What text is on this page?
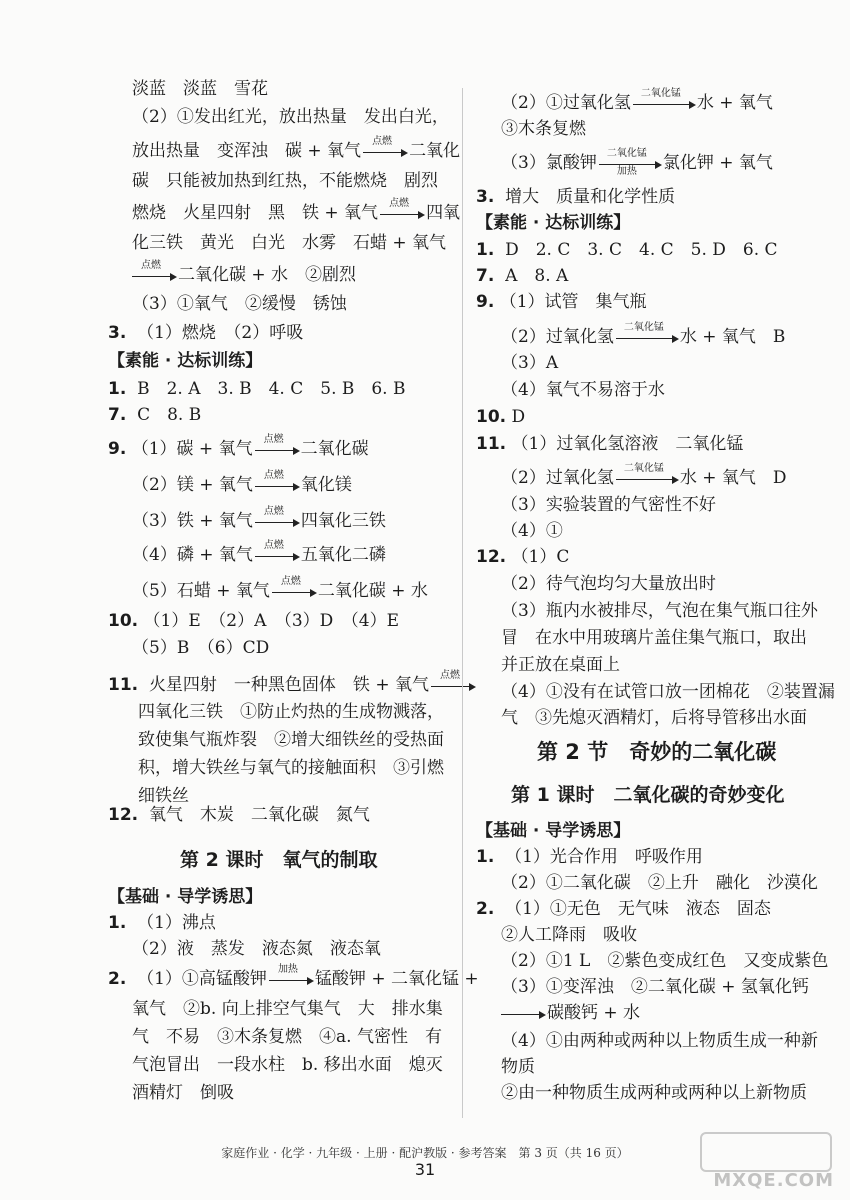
淡蓝　淡蓝　雪花
（2）①发出红光，放出热量　发出白光，
放出热量　变浑浊　碳 + 氧气	点燃	二氧化
碳　只能被加热到红热，不能燃烧　剧烈
燃烧　火星四射　黑　铁 + 氧气	点燃	四氧
化三铁　黄光　白光　水雾　石蜡 + 氧气
点燃	二氧化碳 + 水　②剧烈
（3）①氧气　②缓慢　锈蚀
3. （1）燃烧　（2）呼吸
【素能 · 达标训练】
1. B　2. A　3. B　4. C　5. B　6. B
7. C　8. B
9. （1）碳 + 氧气	点燃	二氧化碳
（2）镁 + 氧气	点燃	氧化镁
（3）铁 + 氧气	点燃	四氧化三铁
（4）磷 + 氧气	点燃	五氧化二磷
（5）石蜡 + 氧气	点燃	二氧化碳 + 水
10. （1）E　（2）A　（3）D　（4）E
（5）B　（6）CD
11. 火星四射　一种黑色固体　铁 + 氧气	点燃
四氧化三铁　①防止灼热的生成物溅落，
致使集气瓶炸裂　②增大细铁丝的受热面
积，增大铁丝与氧气的接触面积　③引燃
细铁丝
12. 氧气　木炭　二氧化碳　氮气
第 2 课时　氧气的制取
【基础 · 导学诱思】
1. （1）沸点
（2）液　蒸发　液态氮　液态氧
2. （1）①高锰酸钾	加热	锰酸钾 + 二氧化锰 +
氧气　②b. 向上排空气集气　大　排水集
气　不易　③木条复燃　④a. 气密性　有
气泡冒出　一段水柱　b. 移出水面　熄灭
酒精灯　倒吸
（2）①过氧化氢	二氧化锰 水 + 氧气
③木条复燃
（3）氯酸钾	二氧化锰
加热	氯化钾 + 氧气
3. 增大　质量和化学性质
【素能 · 达标训练】
1. D　2. C　3. C　4. C　5. D　6. C
7. A　8. A
9. （1）试管　集气瓶
（2）过氧化氢	二氧化锰 水 + 氧气　B
（3）A
（4）氧气不易溶于水
10. D
11. （1）过氧化氢溶液　二氧化锰
（2）过氧化氢	二氧化锰 水 + 氧气　D
（3）实验装置的气密性不好
（4）①
12. （1）C
（2）待气泡均匀大量放出时
（3）瓶内水被排尽，气泡在集气瓶口往外
冒　在水中用玻璃片盖住集气瓶口，取出
并正放在桌面上
（4）①没有在试管口放一团棉花　②装置漏
气　③先熄灭酒精灯，后将导管移出水面
第 2 节　奇妙的二氧化碳
第 1 课时　二氧化碳的奇妙变化
【基础 · 导学诱思】
1. （1）光合作用　呼吸作用
（2）①二氧化碳　②上升　融化　沙漠化
2. （1）①无色　无气味　液态　固态
②人工降雨　吸收
（2）①1 L　②紫色变成红色　又变成紫色
（3）①变浑浊　②二氧化碳 + 氢氧化钙
→ 碳酸钙 + 水
（4）①由两种或两种以上物质生成一种新
物质
②由一种物质生成两种或两种以上新物质
家庭作业 · 化学 · 九年级 · 上册 · 配沪教版 · 参考答案　第 3 页（共 16 页）
31
MXQE.COM
